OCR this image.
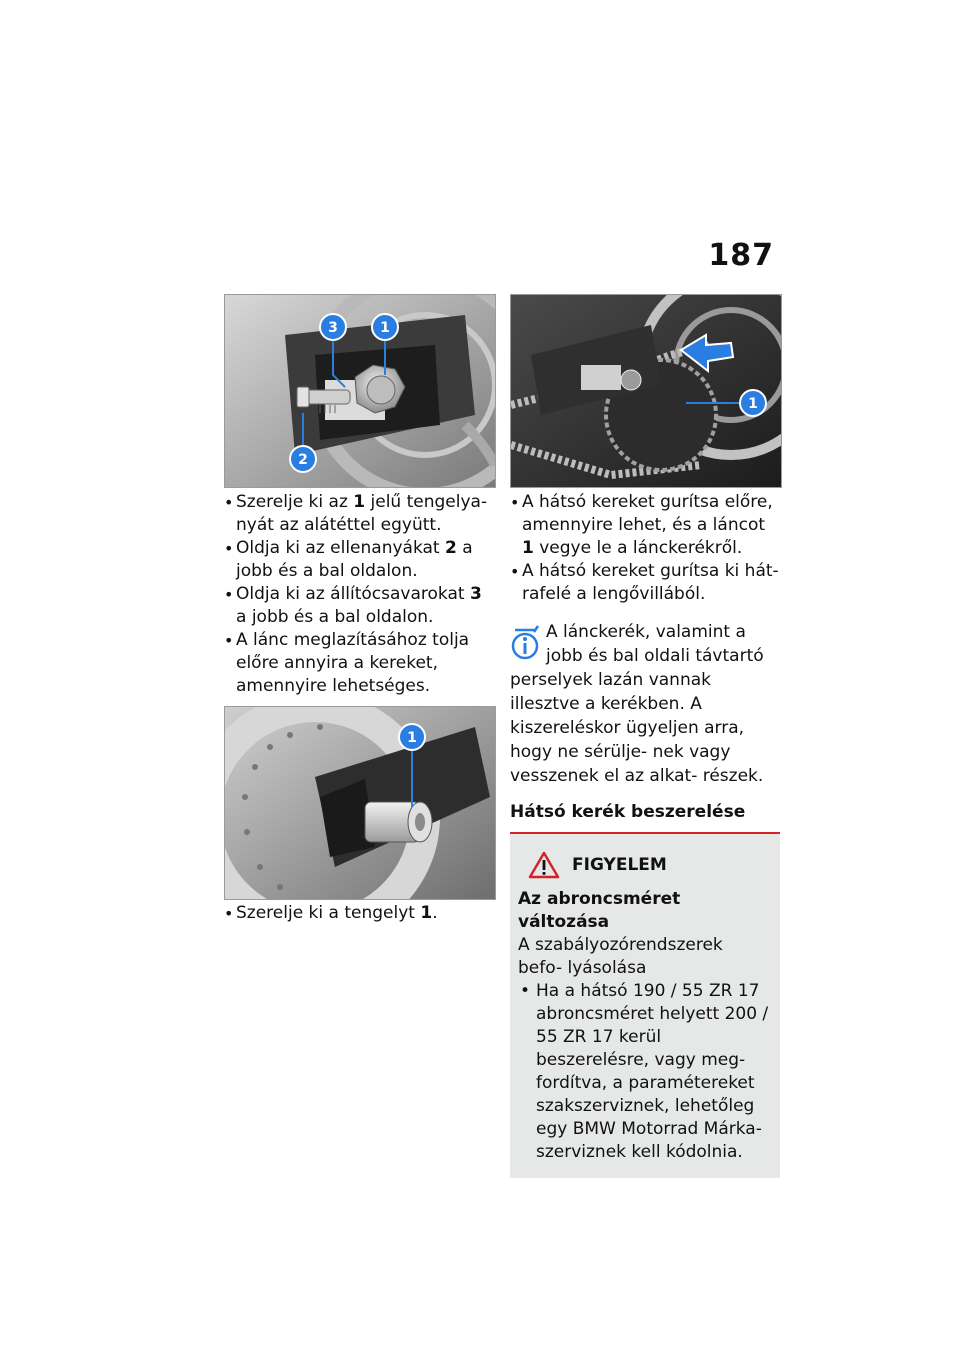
187
3	1
2
1
• Szerelje ki az 1 jelű tengelya- nyát az alátéttel együtt.
• Oldja ki az ellenanyákat 2 a jobb és a bal oldalon.
• Oldja ki az állítócsavarokat 3 a jobb és a bal oldalon.
• A lánc meglazításához tolja előre annyira a kereket, amennyire lehetséges.
1
• Szerelje ki a tengelyt 1.
• A hátsó kereket gurítsa előre, amennyire lehet, és a láncot 1 vegye le a lánckerékről.
• A hátsó kereket gurítsa ki hát- rafelé a lengővillából.
A lánckerék, valamint a
jobb és bal oldali távtartó
perselyek lazán vannak illesztve a kerékben. A kiszereléskor ügyeljen arra, hogy ne sérülje- nek vagy vesszenek el az alkat- részek.
Hátsó kerék beszerelése
FIGYELEM
Az abroncsméret változása
A szabályozórendszerek befo- lyásolása
• Ha a hátsó 190 / 55 ZR 17 abroncsméret helyett 200 / 55 ZR 17 kerül beszerelésre, vagy meg- fordítva, a paramétereket szakszerviznek, lehetőleg egy BMW Motorrad Márka- szerviznek kell kódolnia.
